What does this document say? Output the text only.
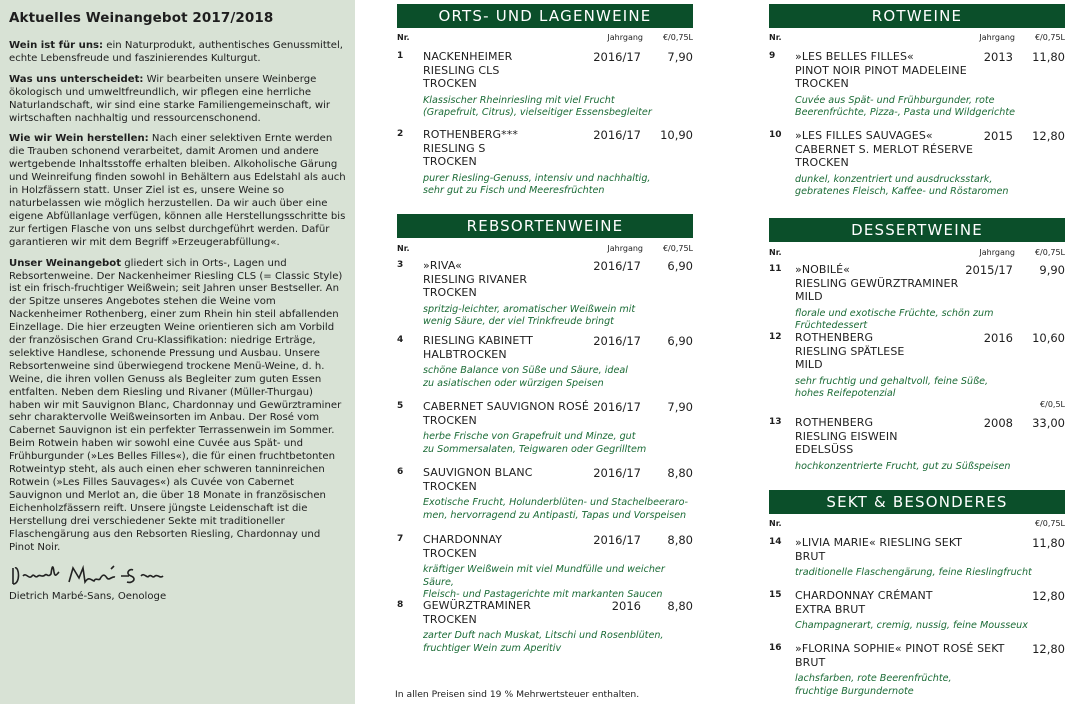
Aktuelles Weinangebot 2017/2018

Wein ist für uns: ein Naturprodukt, authentisches Genussmittel, echte Lebensfreude und faszinierendes Kulturgut.

Was uns unterscheidet: Wir bearbeiten unsere Weinberge ökologisch und umweltfreundlich, wir pflegen eine herrliche Naturlandschaft, wir sind eine starke Familiengemeinschaft, wir wirtschaften nachhaltig und ressourcenschonend.

Wie wir Wein herstellen: Nach einer selektiven Ernte werden die Trauben schonend verarbeitet, damit Aromen und andere wertgebende Inhaltsstoffe erhalten bleiben. Alkoholische Gärung und Weinreifung finden sowohl in Behältern aus Edelstahl als auch in Holzfässern statt. Unser Ziel ist es, unsere Weine so naturbelassen wie möglich herzustellen. Da wir auch über eine eigene Abfüllanlage verfügen, können alle Herstellungsschritte bis zur fertigen Flasche von uns selbst durchgeführt werden. Dafür garantieren wir mit dem Begriff »Erzeugerabfüllung«.

Unser Weinangebot gliedert sich in Orts-, Lagen und Rebsortenweine. Der Nackenheimer Riesling CLS (= Classic Style) ist ein frisch-fruchtiger Weißwein; seit Jahren unser Bestseller. An der Spitze unseres Angebotes stehen die Weine vom Nackenheimer Rothenberg, einer zum Rhein hin steil abfallenden Einzellage. Die hier erzeugten Weine orientieren sich am Vorbild der französischen Grand Cru-Klassifikation: niedrige Erträge, selektive Handlese, schonende Pressung und Ausbau. Unsere Rebsortenweine sind überwiegend trockene Menü-Weine, d. h. Weine, die ihren vollen Genuss als Begleiter zum guten Essen entfalten. Neben dem Riesling und Rivaner (Müller-Thurgau) haben wir mit Sauvignon Blanc, Chardonnay und Gewürztraminer sehr charaktervolle Weißweinsorten im Anbau. Der Rosé vom Cabernet Sauvignon ist ein perfekter Terrassenwein im Sommer. Beim Rotwein haben wir sowohl eine Cuvée aus Spät- und Frühburgunder (»Les Belles Filles«), die für einen fruchtbetonten Rotweintyp steht, als auch einen eher schweren tanninreichen Rotwein (»Les Filles Sauvages«) als Cuvée von Cabernet Sauvignon und Merlot an, die über 18 Monate in französischen Eichenholzfässern reift. Unsere jüngste Leidenschaft ist die Herstellung drei verschiedener Sekte mit traditioneller Flaschengärung aus den Rebsorten Riesling, Chardonnay und Pinot Noir.

Dietrich Marbé-Sans, Oenologe
ORTS- UND LAGENWEINE
Nr.	Jahrgang €/0,75L
1 NACKENHEIMER
RIESLING CLS
TROCKEN
2016/17 7,90
Klassischer Rheinriesling mit viel Frucht
(Grapefruit, Citrus), vielseitiger Essensbegleiter
2 ROTHENBERG***
RIESLING S
TROCKEN
2016/17 10,90
purer Riesling-Genuss, intensiv und nachhaltig,
sehr gut zu Fisch und Meeresfrüchten
REBSORTENWEINE
Nr.	Jahrgang €/0,75L
3 »RIVA«
RIESLING RIVANER
TROCKEN
2016/17 6,90
spritzig-leichter, aromatischer Weißwein mit
wenig Säure, der viel Trinkfreude bringt
4 RIESLING KABINETT
HALBTROCKEN
2016/17 6,90
schöne Balance von Süße und Säure, ideal
zu asiatischen oder würzigen Speisen
5 CABERNET SAUVIGNON ROSÉ
TROCKEN
2016/17 7,90
herbe Frische von Grapefruit und Minze, gut
zu Sommersalaten, Teigwaren oder Gegrilltem
6 SAUVIGNON BLANC
TROCKEN
2016/17 8,80
Exotische Frucht, Holunderblüten- und Stachelbeeraro-
men, hervorragend zu Antipasti, Tapas und Vorspeisen
7 CHARDONNAY
TROCKEN
2016/17 8,80
kräftiger Weißwein mit viel Mundfülle und weicher Säure,
Fleisch- und Pastagerichte mit markanten Saucen
8 GEWÜRZTRAMINER
TROCKEN
2016 8,80
zarter Duft nach Muskat, Litschi und Rosenblüten,
fruchtiger Wein zum Aperitiv
ROTWEINE
Nr.	Jahrgang €/0,75L
9 »LES BELLES FILLES«
PINOT NOIR PINOT MADELEINE
TROCKEN
2013 11,80
Cuvée aus Spät- und Frühburgunder, rote
Beerenfrüchte, Pizza-, Pasta und Wildgerichte
10 »LES FILLES SAUVAGES«
CABERNET S. MERLOT RÉSERVE
TROCKEN
2015 12,80
dunkel, konzentriert und ausdrucksstark,
gebratenes Fleisch, Kaffee- und Röstaromen
DESSERTWEINE
Nr.	Jahrgang €/0,75L
11 »NOBILÉ«
RIESLING GEWÜRZTRAMINER
MILD
2015/17 9,90
florale und exotische Früchte, schön zum Früchtedessert
12 ROTHENBERG
RIESLING SPÄTLESE
MILD
2016 10,60
sehr fruchtig und gehaltvoll, feine Süße,
hohes Reifepotenzial
€/0,5L
13 ROTHENBERG
RIESLING EISWEIN
EDELSÜSS
2008 33,00
hochkonzentrierte Frucht, gut zu Süßspeisen
SEKT & BESONDERES
Nr.	€/0,75L
14 »LIVIA MARIE« RIESLING SEKT
BRUT
11,80
traditionelle Flaschengärung, feine Rieslingfrucht
15 CHARDONNAY CRÉMANT
EXTRA BRUT
12,80
Champagnerart, cremig, nussig, feine Mousseux
16 »FLORINA SOPHIE« PINOT ROSÉ SEKT
BRUT
12,80
lachsfarben, rote Beerenfrüchte,
fruchtige Burgundernote
In allen Preisen sind 19 % Mehrwertsteuer enthalten.
